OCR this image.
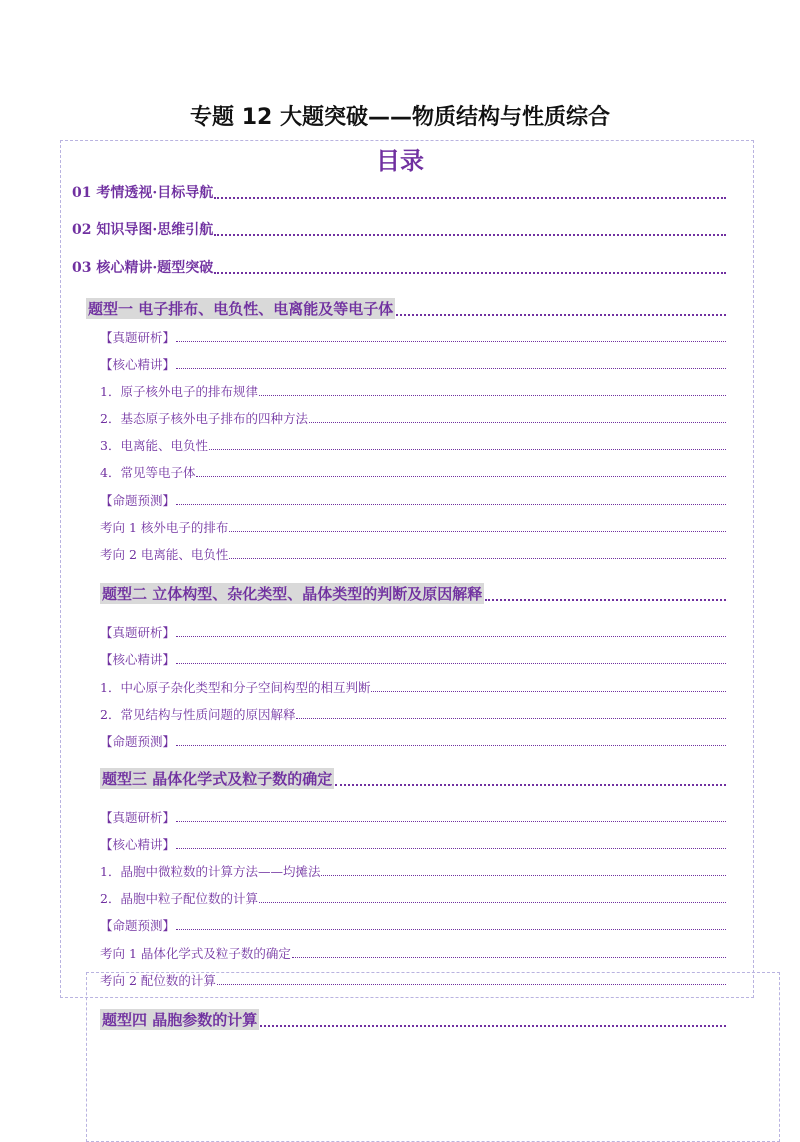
专题 12 大题突破——物质结构与性质综合
目录
01 考情透视·目标导航
02 知识导图·思维引航
03 核心精讲·题型突破
题型一 电子排布、电负性、电离能及等电子体
【真题研析】
【核心精讲】
1．原子核外电子的排布规律
2．基态原子核外电子排布的四种方法
3．电离能、电负性
4．常见等电子体
【命题预测】
考向 1 核外电子的排布
考向 2 电离能、电负性
题型二 立体构型、杂化类型、晶体类型的判断及原因解释
【真题研析】
【核心精讲】
1．中心原子杂化类型和分子空间构型的相互判断
2．常见结构与性质问题的原因解释
【命题预测】
题型三 晶体化学式及粒子数的确定
【真题研析】
【核心精讲】
1．晶胞中微粒数的计算方法——均摊法
2．晶胞中粒子配位数的计算
【命题预测】
考向 1 晶体化学式及粒子数的确定
考向 2 配位数的计算
题型四 晶胞参数的计算
